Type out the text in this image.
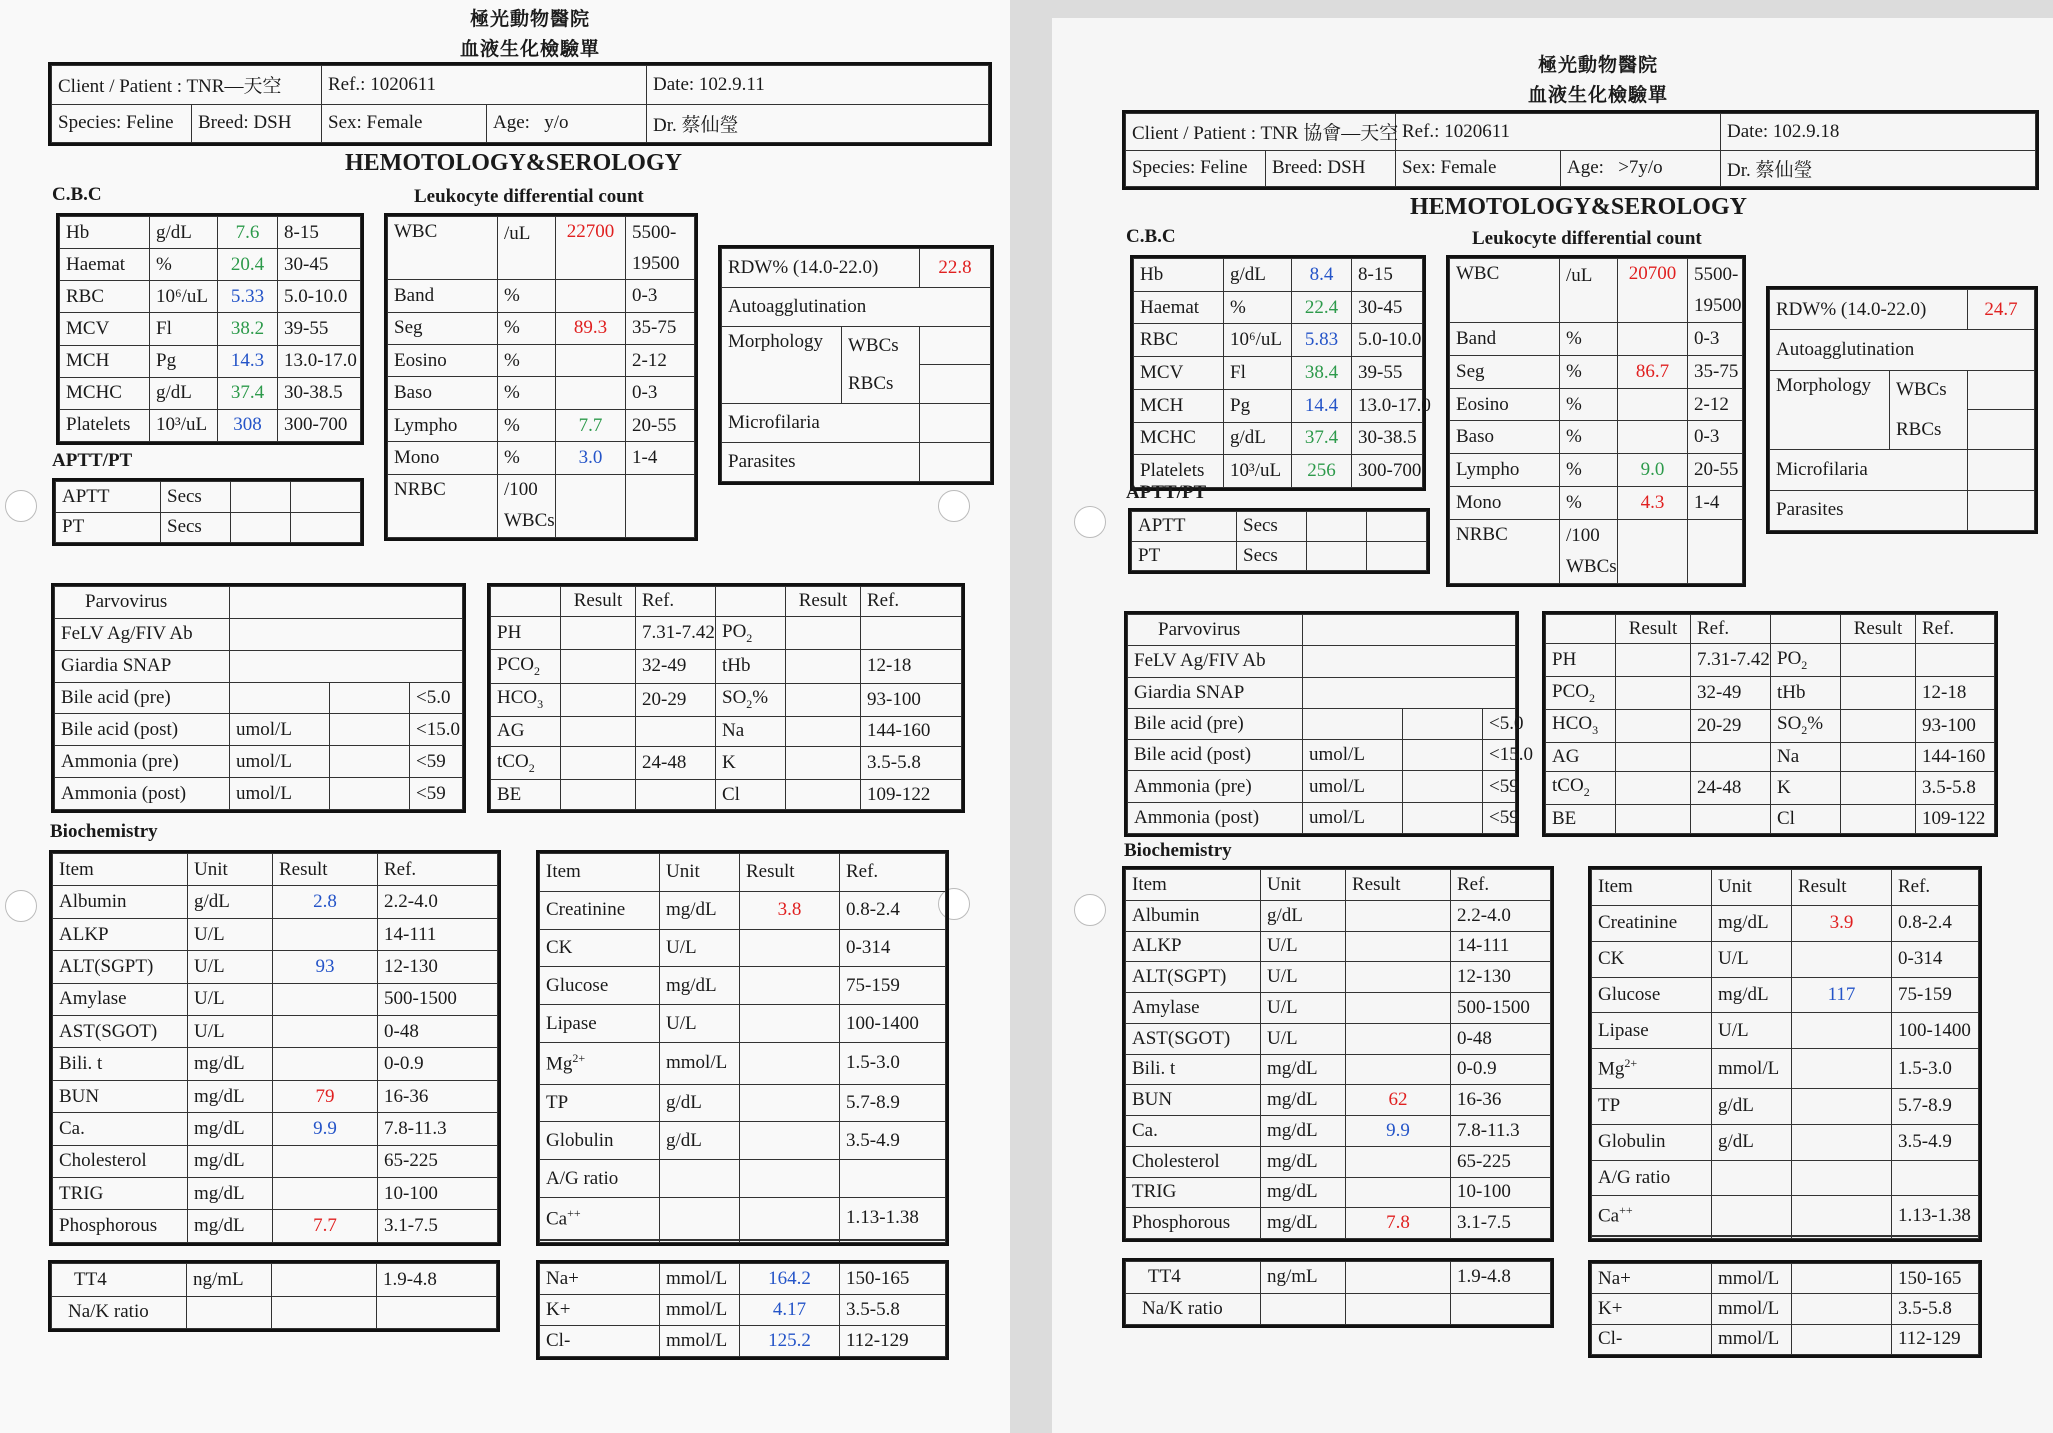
極光動物醫院
血液生化檢驗單
Client / Patient : TNR—天空		Ref.: 1020611		Date: 102.9.11
Species: Feline	Breed: DSH	Sex: Female	Age: y/o	Dr. 蔡仙瑩
HEMOTOLOGY&SEROLOGY
C.B.C	Leukocyte differential count
Hb	g/dL	7.6	8-15
Haemat	%	20.4	30-45
RBC	10⁶/uL	5.33	5.0-10.0
MCV	Fl	38.2	39-55
MCH	Pg	14.3	13.0-17.0
MCHC	g/dL	37.4	30-38.5
Platelets	10³/uL	308	300-700
WBC	/uL	22700	5500-
			19500
Band	%		0-3
Seg	%	89.3	35-75
Eosino	%		2-12
Baso	%		0-3
Lympho	%	7.7	20-55
Mono	%	3.0	1-4
NRBC	/100		
	WBCs		
RDW% (14.0-22.0)		22.8
Autoagglutination		
Morphology	WBCs	
	RBCs	
Microfilaria		
Parasites		
APTT/PT
APTT	Secs		
PT	Secs		
Parvovirus			
FeLV Ag/FIV Ab			
Giardia SNAP			
Bile acid (pre)			<5.0
Bile acid (post)	umol/L		<15.0
Ammonia (pre)	umol/L		<59
Ammonia (post)	umol/L		<59
	Result	Ref.		Result	Ref.
PH		7.31-7.42	$PO_2$		
$PCO_2$		32-49	tHb		12-18
$HCO_3$		20-29	$SO_2\%$		93-100
AG			Na		144-160
tCO$_2$		24-48	K		3.5-5.8
BE			Cl		109-122
Biochemistry
Item	Unit	Result	Ref.
Albumin	g/dL	2.8	2.2-4.0
ALKP	U/L		14-111
ALT(SGPT)	U/L	93	12-130
Amylase	U/L		500-1500
AST(SGOT)	U/L		0-48
Bili. t	mg/dL		0-0.9
BUN	mg/dL	79	16-36
Ca.	mg/dL	9.9	7.8-11.3
Cholesterol	mg/dL		65-225
TRIG	mg/dL		10-100
Phosphorous	mg/dL	7.7	3.1-7.5
Item	Unit	Result	Ref.
Creatinine	mg/dL	3.8	0.8-2.4
CK	U/L		0-314
Glucose	mg/dL		75-159
Lipase	U/L		100-1400
$Mg^{2+}$	mmol/L		1.5-3.0
TP	g/dL		5.7-8.9
Globulin	g/dL		3.5-4.9
A/G ratio			
Ca++			1.13-1.38

TT4	ng/mL		1.9-4.8
Na/K ratio			
Na+	mmol/L	164.2	150-165
K+	mmol/L	4.17	3.5-5.8
Cl-	mmol/L	125.2	112-129
極光動物醫院
血液生化檢驗單
Client / Patient : TNR 協會—天空		Ref.: 1020611		Date: 102.9.18
Species: Feline	Breed: DSH	Sex: Female	Age: >7y/o	Dr. 蔡仙瑩
HEMOTOLOGY&SEROLOGY
C.B.C	Leukocyte differential count
Hb	g/dL	8.4	8-15
Haemat	%	22.4	30-45
RBC	10⁶/uL	5.83	5.0-10.0
MCV	Fl	38.4	39-55
MCH	Pg	14.4	13.0-17.0
MCHC	g/dL	37.4	30-38.5
Platelets	10³/uL	256	300-700
WBC	/uL	20700	5500-
			19500
Band	%		0-3
Seg	%	86.7	35-75
Eosino	%		2-12
Baso	%		0-3
Lympho	%	9.0	20-55
Mono	%	4.3	1-4
NRBC	/100		
	WBCs		
RDW% (14.0-22.0)		24.7
Autoagglutination		
Morphology	WBCs	
	RBCs	
Microfilaria		
Parasites		
APTT/PT
APTT	Secs		
PT	Secs		
Parvovirus			
FeLV Ag/FIV Ab			
Giardia SNAP			
Bile acid (pre)			<5.0
Bile acid (post)	umol/L		<15.0
Ammonia (pre)	umol/L		<59
Ammonia (post)	umol/L		<59
	Result	Ref.		Result	Ref.
PH		7.31-7.42	$PO_2$		
$PCO_2$		32-49	tHb		12-18
$HCO_3$		20-29	$SO_2\%$		93-100
AG			Na		144-160
tCO$_2$		24-48	K		3.5-5.8
BE			Cl		109-122
Biochemistry
Item	Unit	Result	Ref.
Albumin	g/dL		2.2-4.0
ALKP	U/L		14-111
ALT(SGPT)	U/L		12-130
Amylase	U/L		500-1500
AST(SGOT)	U/L		0-48
Bili. t	mg/dL		0-0.9
BUN	mg/dL	62	16-36
Ca.	mg/dL	9.9	7.8-11.3
Cholesterol	mg/dL		65-225
TRIG	mg/dL		10-100
Phosphorous	mg/dL	7.8	3.1-7.5
Item	Unit	Result	Ref.
Creatinine	mg/dL	3.9	0.8-2.4
CK	U/L		0-314
Glucose	mg/dL	117	75-159
Lipase	U/L		100-1400
$Mg^{2+}$	mmol/L		1.5-3.0
TP	g/dL		5.7-8.9
Globulin	g/dL		3.5-4.9
A/G ratio			
Ca++			1.13-1.38

TT4	ng/mL		1.9-4.8
Na/K ratio			
Na+	mmol/L		150-165
K+	mmol/L		3.5-5.8
Cl-	mmol/L		112-129
